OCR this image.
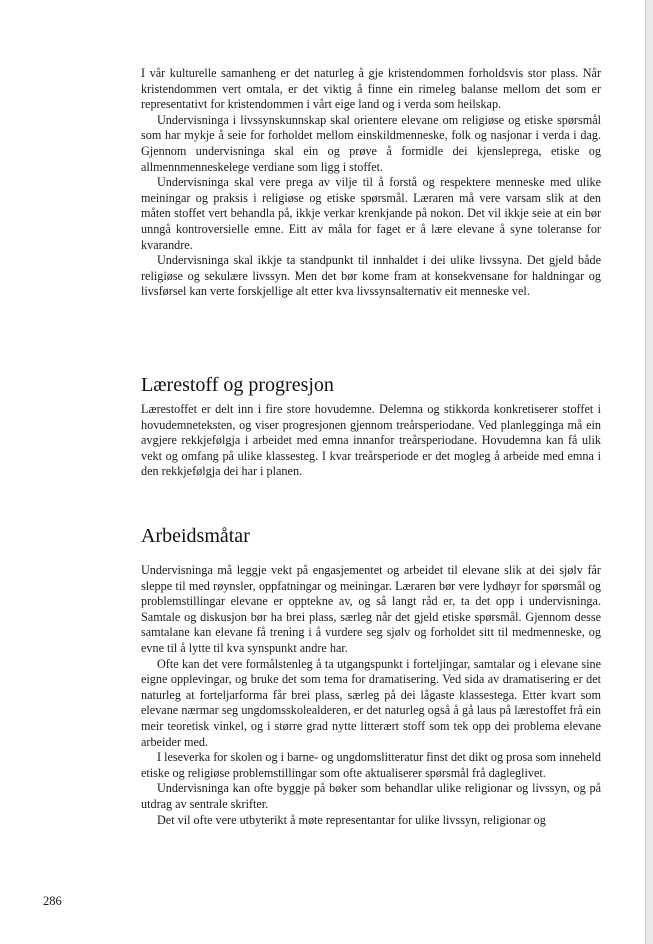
I vår kulturelle samanheng er det naturleg å gje kristendommen forholdsvis stor plass. Når kristendommen vert omtala, er det viktig å finne ein rimeleg balanse mellom det som er representativt for kristendommen i vårt eige land og i verda som heilskap.

Undervisninga i livssynskunnskap skal orientere elevane om religiøse og etiske spørsmål som har mykje å seie for forholdet mellom einskildmenneske, folk og nasjonar i verda i dag. Gjennom undervisninga skal ein og prøve å formidle dei kjenslepregа, etiske og allmennmenneskelege verdiane som ligg i stoffet.

Undervisninga skal vere prega av vilje til å forstå og respektere menneske med ulike meiningar og praksis i religiøse og etiske spørsmål. Læraren må vere varsam slik at den måten stoffet vert behandla på, ikkje verkar krenkjande på nokon. Det vil ikkje seie at ein bør unngå kontroversielle emne. Eitt av måla for faget er å lære elevane å syne toleranse for kvarandre.

Undervisninga skal ikkje ta standpunkt til innhaldet i dei ulike livssyna. Det gjeld både religiøse og sekulære livssyn. Men det bør kome fram at konsekvensane for haldningar og livsførsel kan verte forskjellige alt etter kva livssynsalternativ eit menneske vel.

Lærestoff og progresjon

Lærestoffet er delt inn i fire store hovudemne. Delemna og stikkorda konkretiserer stoffet i hovudemneteksten, og viser progresjonen gjennom treårsperiodane. Ved planlegginga må ein avgjere rekkjefølgja i arbeidet med emna innanfor treårsperiodane. Hovudemna kan få ulik vekt og omfang på ulike klassesteg. I kvar treårsperiode er det mogleg å arbeide med emna i den rekkjefølgja dei har i planen.

Arbeidsmåtar

Undervisninga må leggje vekt på engasjementet og arbeidet til elevane slik at dei sjølv får sleppe til med røynsler, oppfatningar og meiningar. Læraren bør vere lydhøyr for spørsmål og problemstillingar elevane er opptekne av, og så langt råd er, ta det opp i undervisninga. Samtale og diskusjon bør ha brei plass, særleg når det gjeld etiske spørsmål. Gjennom desse samtalane kan elevane få trening i å vurdere seg sjølv og forholdet sitt til medmenneske, og evne til å lytte til kva synspunkt andre har.

Ofte kan det vere formålstenleg å ta utgangspunkt i forteljingar, samtalar og i elevane sine eigne opplevingar, og bruke det som tema for dramatisering. Ved sida av dramatisering er det naturleg at forteljarforma får brei plass, særleg på dei lågaste klassestega. Etter kvart som elevane nærmar seg ungdomsskolealderen, er det naturleg også å gå laus på lærestoffet frå ein meir teoretisk vinkel, og i større grad nytte litterært stoff som tek opp dei problema elevane arbeider med.

I leseverka for skolen og i barne- og ungdomslitteratur finst det dikt og prosa som inneheld etiske og religiøse problemstillingar som ofte aktualiserer spørsmål frå dagleglivet.

Undervisninga kan ofte byggje på bøker som behandlar ulike religionar og livssyn, og på utdrag av sentrale skrifter.

Det vil ofte vere utbyterikt å møte representantar for ulike livssyn, religionar og

286
